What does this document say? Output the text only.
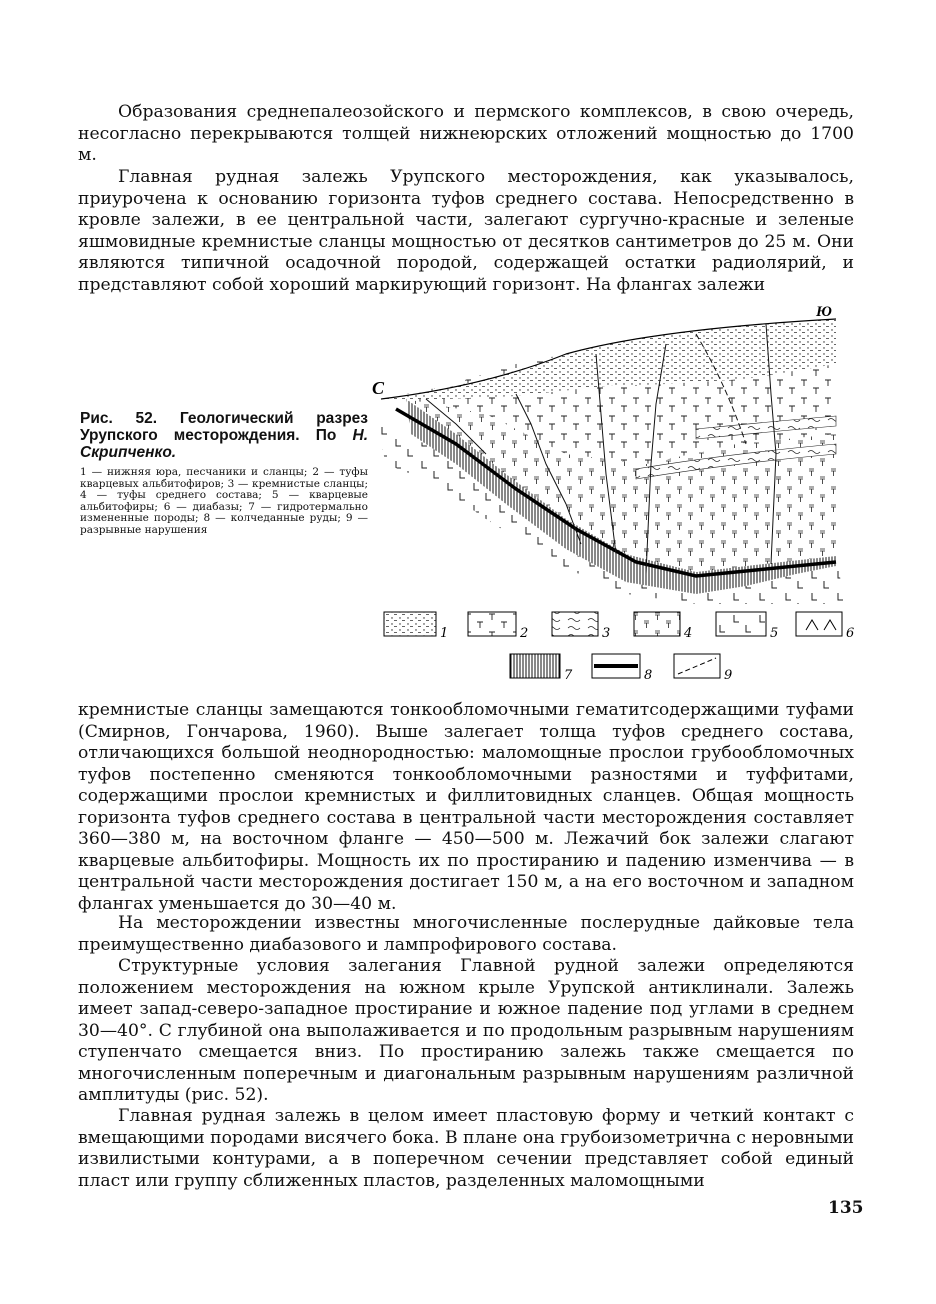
Образования среднепалеозойского и пермского комплексов, в свою очередь, несогласно перекрываются толщей нижнеюрских отложений мощностью до 1700 м.

Главная рудная залежь Урупского месторождения, как указывалось, приурочена к основанию горизонта туфов среднего состава. Непосредственно в кровле залежи, в ее центральной части, залегают сургучно-красные и зеленые яшмовидные кремнистые сланцы мощностью от десятков сантиметров до 25 м. Они являются типичной осадочной породой, содержащей остатки радиолярий, и представляют собой хороший маркирующий горизонт. На флангах залежи

Рис. 52. Геологический разрез Урупского месторождения. По Н. Скрипченко.

1 — нижняя юра, песчаники и сланцы; 2 — туфы кварцевых альбитофиров; 3 — кремнистые сланцы; 4 — туфы среднего состава; 5 — кварцевые альбитофиры; 6 — диабазы; 7 — гидротермально измененные породы; 8 — колчеданные руды; 9 — разрывные нарушения

С
Ю
1	2	3	4	5	6
7	8	9

кремнистые сланцы замещаются тонкообломочными гематитсодержащими туфами (Смирнов, Гончарова, 1960). Выше залегает толща туфов среднего состава, отличающихся большой неоднородностью: маломощные прослои грубообломочных туфов постепенно сменяются тонкообломочными разностями и туффитами, содержащими прослои кремнистых и филлитовидных сланцев. Общая мощность горизонта туфов среднего состава в центральной части месторождения составляет 360—380 м, на восточном фланге — 450—500 м. Лежачий бок залежи слагают кварцевые альбитофиры. Мощность их по простиранию и падению изменчива — в центральной части месторождения достигает 150 м, а на его восточном и западном флангах уменьшается до 30—40 м.

На месторождении известны многочисленные послерудные дайковые тела преимущественно диабазового и лампрофирового состава.

Структурные условия залегания Главной рудной залежи определяются положением месторождения на южном крыле Урупской антиклинали. Залежь имеет запад-северо-западное простирание и южное падение под углами в среднем 30—40°. С глубиной она выполаживается и по продольным разрывным нарушениям ступенчато смещается вниз. По простиранию залежь также смещается по многочисленным поперечным и диагональным разрывным нарушениям различной амплитуды (рис. 52).

Главная рудная залежь в целом имеет пластовую форму и четкий контакт с вмещающими породами висячего бока. В плане она грубоизометрична с неровными извилистыми контурами, а в поперечном сечении представляет собой единый пласт или группу сближенных пластов, разделенных маломощными

135
